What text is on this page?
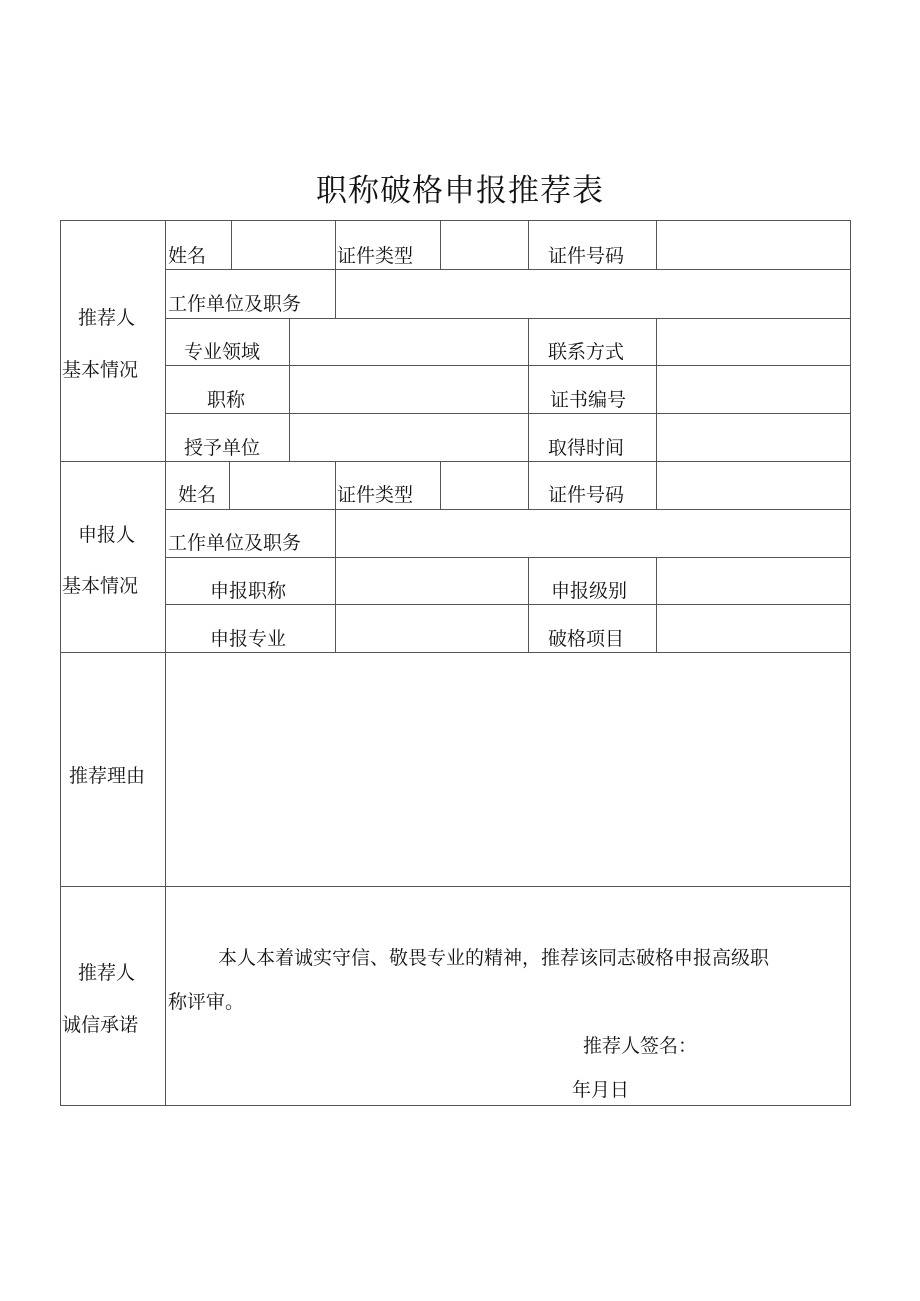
职称破格申报推荐表
推荐人
基本情况
姓名	证件类型	证件号码
工作单位及职务
专业领域	联系方式
职称	证书编号
授予单位	取得时间
申报人
基本情况
姓名	证件类型	证件号码
工作单位及职务
申报职称	申报级别
申报专业	破格项目
推荐理由
推荐人
诚信承诺
本人本着诚实守信、敬畏专业的精神，推荐该同志破格申报高级职
称评审。
推荐人签名：
年月日
